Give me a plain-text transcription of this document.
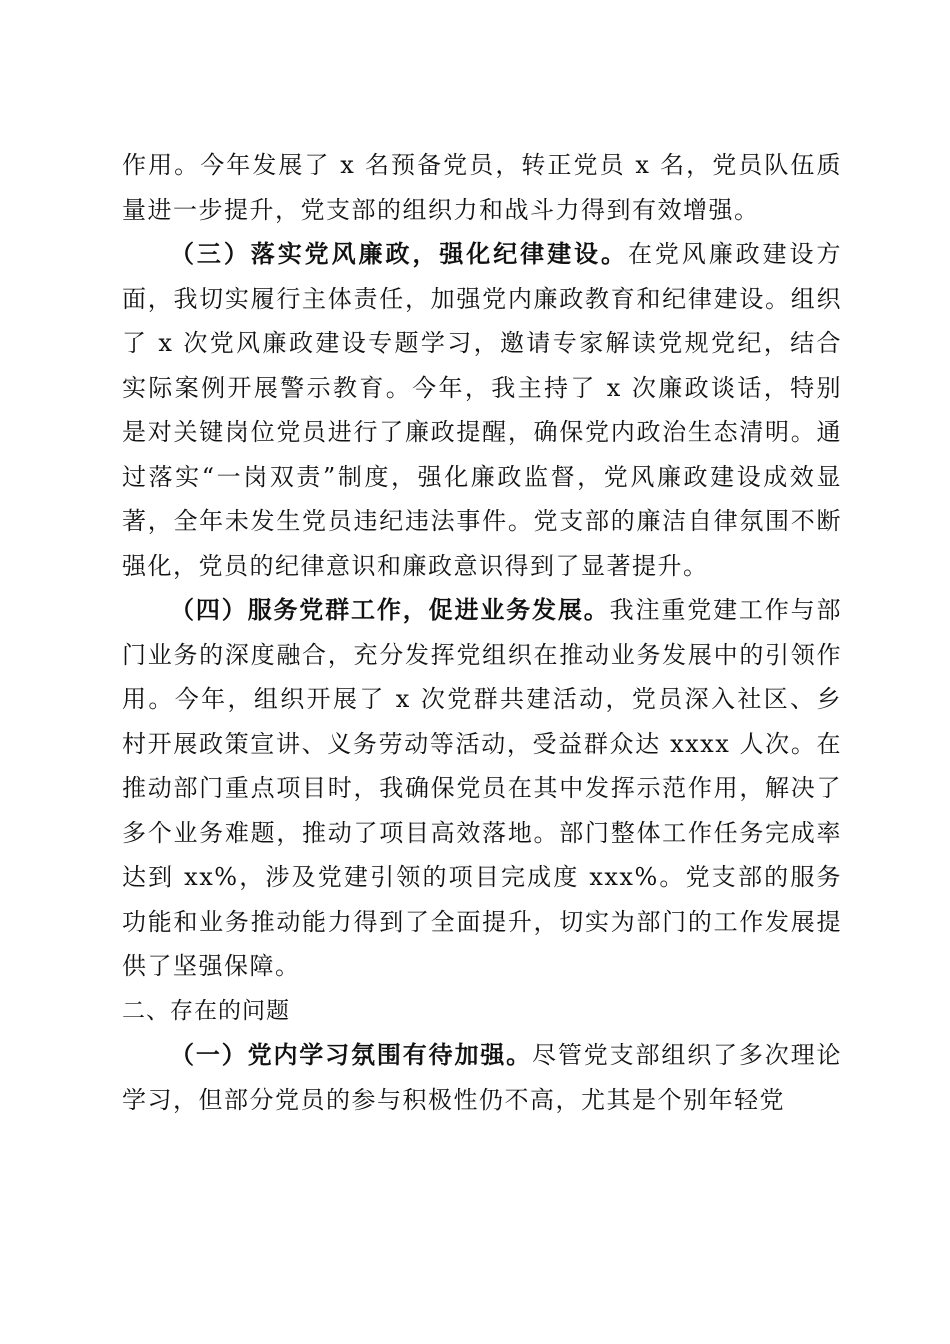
作用。今年发展了 x 名预备党员，转正党员 x 名，党员队伍质量进一步提升，党支部的组织力和战斗力得到有效增强。

（三）落实党风廉政，强化纪律建设。在党风廉政建设方面，我切实履行主体责任，加强党内廉政教育和纪律建设。组织了 x 次党风廉政建设专题学习，邀请专家解读党规党纪，结合实际案例开展警示教育。今年，我主持了 x 次廉政谈话，特别是对关键岗位党员进行了廉政提醒，确保党内政治生态清明。通过落实“一岗双责”制度，强化廉政监督，党风廉政建设成效显著，全年未发生党员违纪违法事件。党支部的廉洁自律氛围不断强化，党员的纪律意识和廉政意识得到了显著提升。

（四）服务党群工作，促进业务发展。我注重党建工作与部门业务的深度融合，充分发挥党组织在推动业务发展中的引领作用。今年，组织开展了 x 次党群共建活动，党员深入社区、乡村开展政策宣讲、义务劳动等活动，受益群众达 xxxx 人次。在推动部门重点项目时，我确保党员在其中发挥示范作用，解决了多个业务难题，推动了项目高效落地。部门整体工作任务完成率达到 xx%，涉及党建引领的项目完成度 xxx%。党支部的服务功能和业务推动能力得到了全面提升，切实为部门的工作发展提供了坚强保障。

二、存在的问题

（一）党内学习氛围有待加强。尽管党支部组织了多次理论学习，但部分党员的参与积极性仍不高，尤其是个别年轻党
